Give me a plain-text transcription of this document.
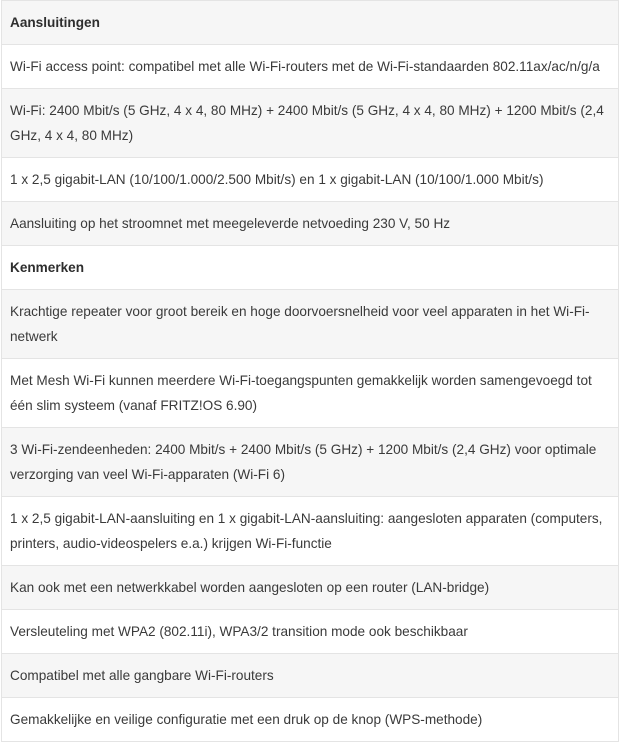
Aansluitingen
Wi-Fi access point: compatibel met alle Wi-Fi-routers met de Wi-Fi-standaarden 802.11ax/ac/n/g/a
Wi-Fi: 2400 Mbit/s (5 GHz, 4 x 4, 80 MHz) + 2400 Mbit/s (5 GHz, 4 x 4, 80 MHz) + 1200 Mbit/s (2,4 GHz, 4 x 4, 80 MHz)
1 x 2,5 gigabit-LAN (10/100/1.000/2.500 Mbit/s) en 1 x gigabit-LAN (10/100/1.000 Mbit/s)
Aansluiting op het stroomnet met meegeleverde netvoeding 230 V, 50 Hz
Kenmerken
Krachtige repeater voor groot bereik en hoge doorvoersnelheid voor veel apparaten in het Wi-Fi-netwerk
Met Mesh Wi-Fi kunnen meerdere Wi-Fi-toegangspunten gemakkelijk worden samengevoegd tot één slim systeem (vanaf FRITZ!OS 6.90)
3 Wi-Fi-zendeenheden: 2400 Mbit/s + 2400 Mbit/s (5 GHz) + 1200 Mbit/s (2,4 GHz) voor optimale verzorging van veel Wi-Fi-apparaten (Wi-Fi 6)
1 x 2,5 gigabit-LAN-aansluiting en 1 x gigabit-LAN-aansluiting: aangesloten apparaten (computers, printers, audio-videospelers e.a.) krijgen Wi-Fi-functie
Kan ook met een netwerkkabel worden aangesloten op een router (LAN-bridge)
Versleuteling met WPA2 (802.11i), WPA3/2 transition mode ook beschikbaar
Compatibel met alle gangbare Wi-Fi-routers
Gemakkelijke en veilige configuratie met een druk op de knop (WPS-methode)
